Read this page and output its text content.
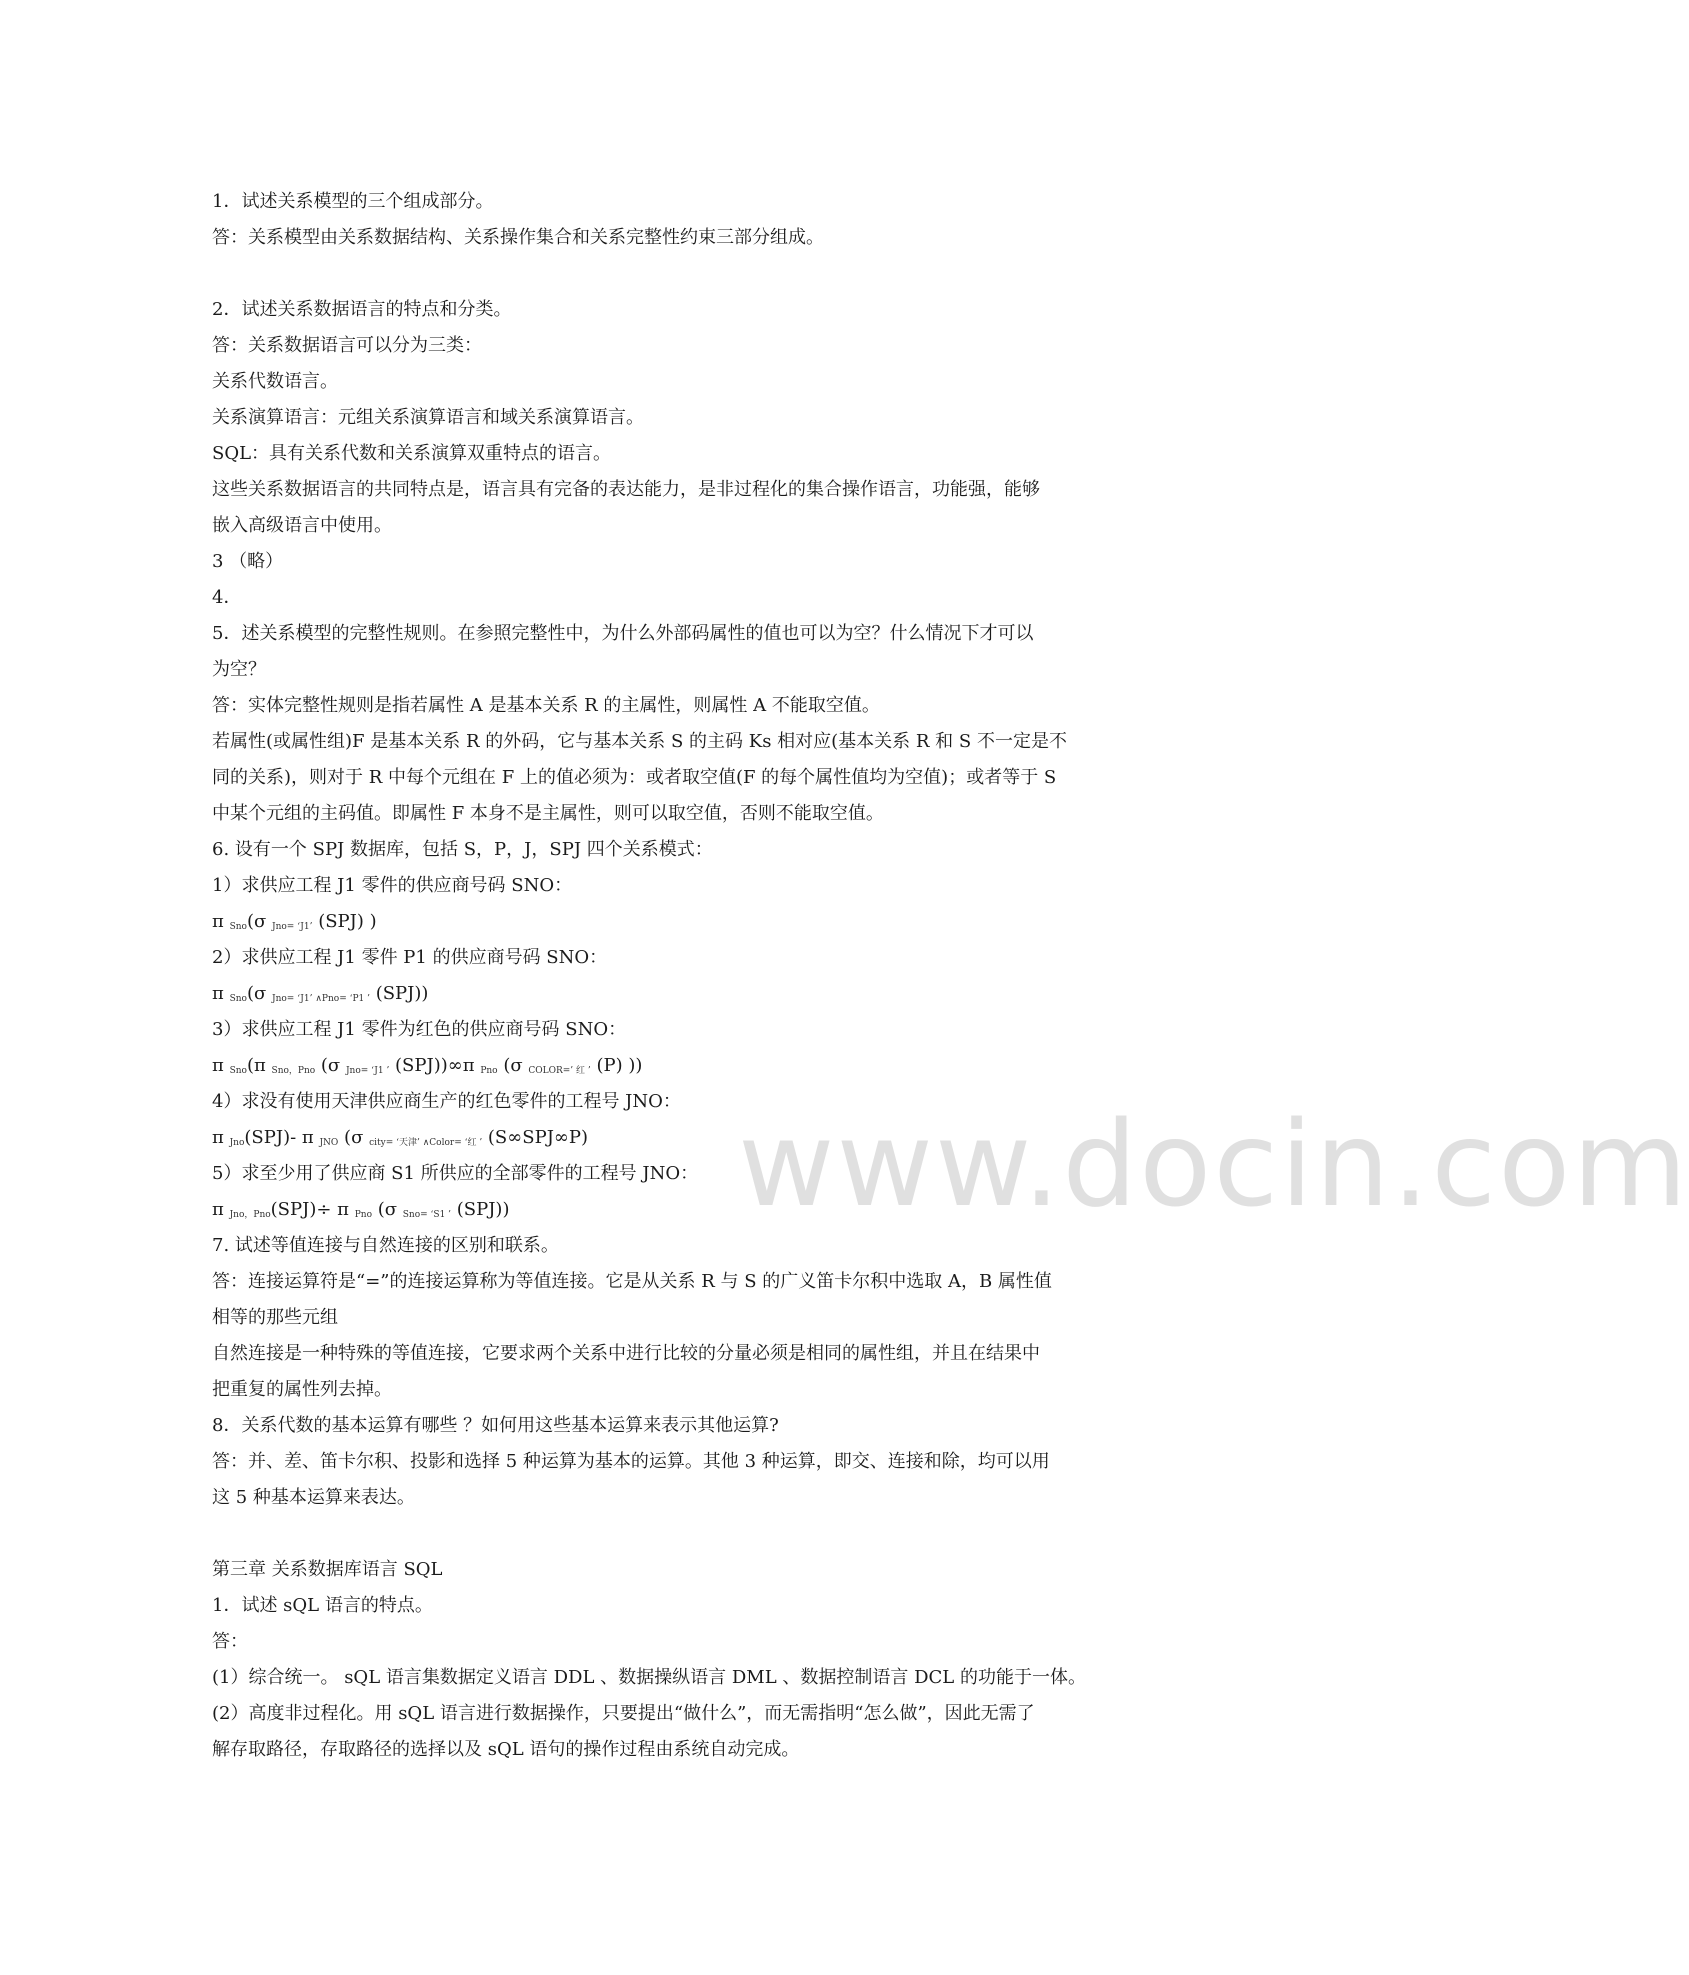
1．试述关系模型的三个组成部分。
答：关系模型由关系数据结构、关系操作集合和关系完整性约束三部分组成。
2．试述关系数据语言的特点和分类。
答：关系数据语言可以分为三类：
关系代数语言。
关系演算语言：元组关系演算语言和域关系演算语言。
SQL：具有关系代数和关系演算双重特点的语言。
这些关系数据语言的共同特点是，语言具有完备的表达能力，是非过程化的集合操作语言，功能强，能够
嵌入高级语言中使用。
3 （略）
4．
5．述关系模型的完整性规则。在参照完整性中，为什么外部码属性的值也可以为空？什么情况下才可以
为空？
答：实体完整性规则是指若属性 A 是基本关系 R 的主属性，则属性 A 不能取空值。
若属性(或属性组)F 是基本关系 R 的外码，它与基本关系 S 的主码 Ks 相对应(基本关系 R 和 S 不一定是不
同的关系)，则对于 R 中每个元组在 F 上的值必须为：或者取空值(F 的每个属性值均为空值)；或者等于 S
中某个元组的主码值。即属性 F 本身不是主属性，则可以取空值，否则不能取空值。
6. 设有一个 SPJ 数据库，包括 S，P，J，SPJ 四个关系模式：
1）求供应工程 J1 零件的供应商号码 SNO：
π $_{Sno}$(σ $_{Jno= ‘J1’}$ (SPJ) )
2）求供应工程 J1 零件 P1 的供应商号码 SNO：
π $_{Sno}$(σ $_{Jno= ‘J1’ \wedge Pno= ‘P1 ’}$ (SPJ))
3）求供应工程 J1 零件为红色的供应商号码 SNO：
π $_{Sno}$(π $_{Sno,Pno}$ (σ $_{Jno= ‘J1 ’}$ (SPJ))∞π $_{Pno}$ (σ $_{COLOR=’ 红 ’}$ (P) ))
4）求没有使用天津供应商生产的红色零件的工程号 JNO：
π $_{Jno}$(SPJ)- π $_{JNO}$ (σ $_{city= ‘天津’ \wedge Color= ‘红 ’}$ (S∞SPJ∞P)
5）求至少用了供应商 S1 所供应的全部零件的工程号 JNO：
π $_{Jno,Pno}$(SPJ)÷ π $_{Pno}$ (σ $_{Sno= ‘S1 ’}$ (SPJ))
7. 试述等值连接与自然连接的区别和联系。
答：连接运算符是“=”的连接运算称为等值连接。它是从关系 R 与 S 的广义笛卡尔积中选取 A，B 属性值
相等的那些元组
自然连接是一种特殊的等值连接，它要求两个关系中进行比较的分量必须是相同的属性组，并且在结果中
把重复的属性列去掉。
8．关系代数的基本运算有哪些 ？如何用这些基本运算来表示其他运算?
答：并、差、笛卡尔积、投影和选择 5 种运算为基本的运算。其他 3 种运算，即交、连接和除，均可以用
这 5 种基本运算来表达。
第三章 关系数据库语言 SQL
1．试述 sQL 语言的特点。
答：
(1）综合统一。 sQL 语言集数据定义语言 DDL 、数据操纵语言 DML 、数据控制语言 DCL 的功能于一体。
(2）高度非过程化。用 sQL 语言进行数据操作，只要提出“做什么”，而无需指明“怎么做”，因此无需了
解存取路径，存取路径的选择以及 sQL 语句的操作过程由系统自动完成。
www.docin.com
